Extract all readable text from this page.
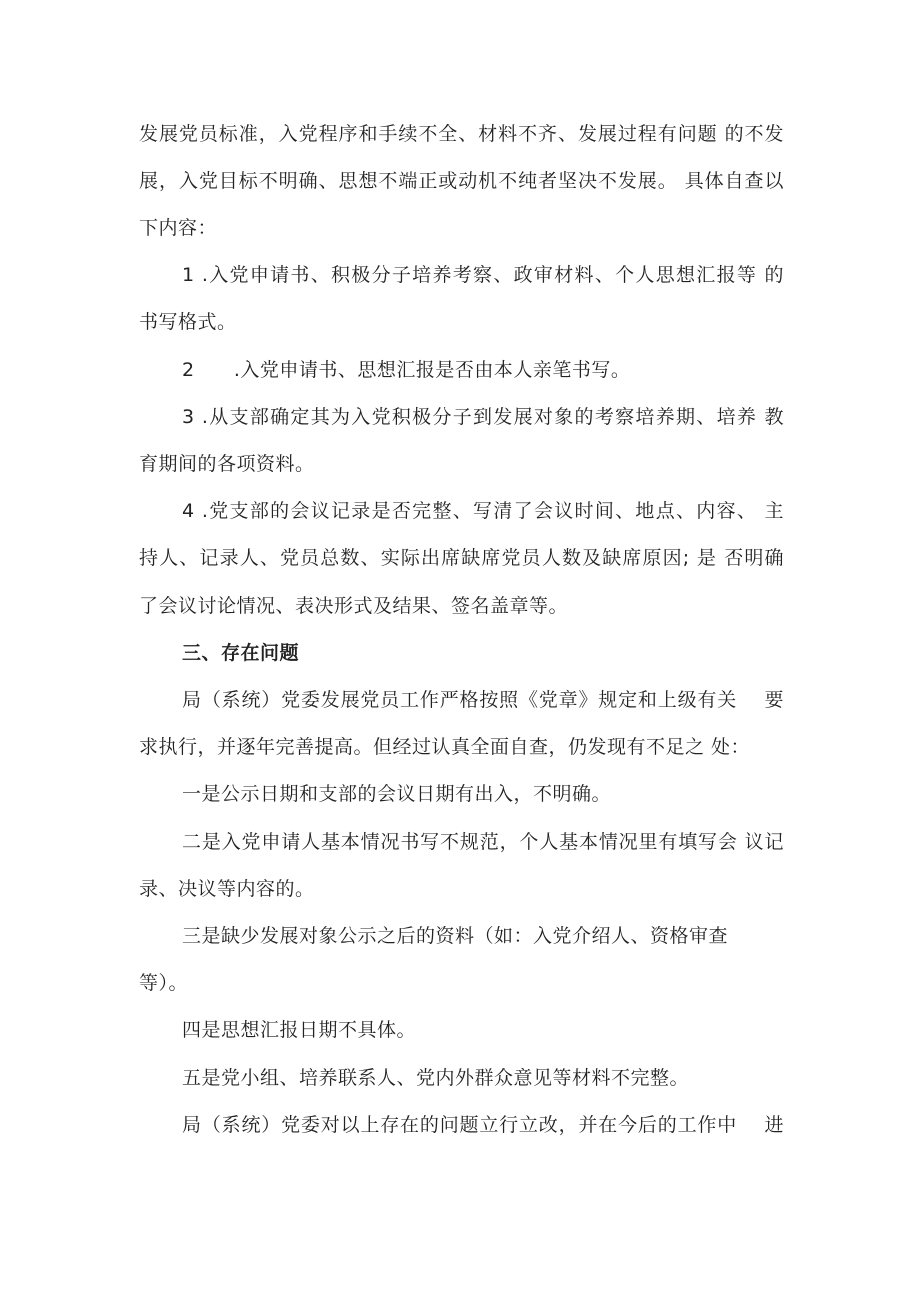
发展党员标准，入党程序和手续不全、材料不齐、发展过程有问题 的不发
展，入党目标不明确、思想不端正或动机不纯者坚决不发展。 具体自查以
下内容：
1 .入党申请书、积极分子培养考察、政审材料、个人思想汇报等 的
书写格式。
2      .入党申请书、思想汇报是否由本人亲笔书写。
3 .从支部确定其为入党积极分子到发展对象的考察培养期、培养 教
育期间的各项资料。
4 .党支部的会议记录是否完整、写清了会议时间、地点、内容、 主
持人、记录人、党员总数、实际出席缺席党员人数及缺席原因; 是 否明确
了会议讨论情况、表决形式及结果、签名盖章等。
三、存在问题
局（系统）党委发展党员工作严格按照《党章》规定和上级有关    要
求执行，并逐年完善提高。但经过认真全面自查，仍发现有不足之 处：
一是公示日期和支部的会议日期有出入，不明确。
二是入党申请人基本情况书写不规范，个人基本情况里有填写会 议记
录、决议等内容的。
三是缺少发展对象公示之后的资料（如：入党介绍人、资格审查
等）。
四是思想汇报日期不具体。
五是党小组、培养联系人、党内外群众意见等材料不完整。
局（系统）党委对以上存在的问题立行立改，并在今后的工作中    进
